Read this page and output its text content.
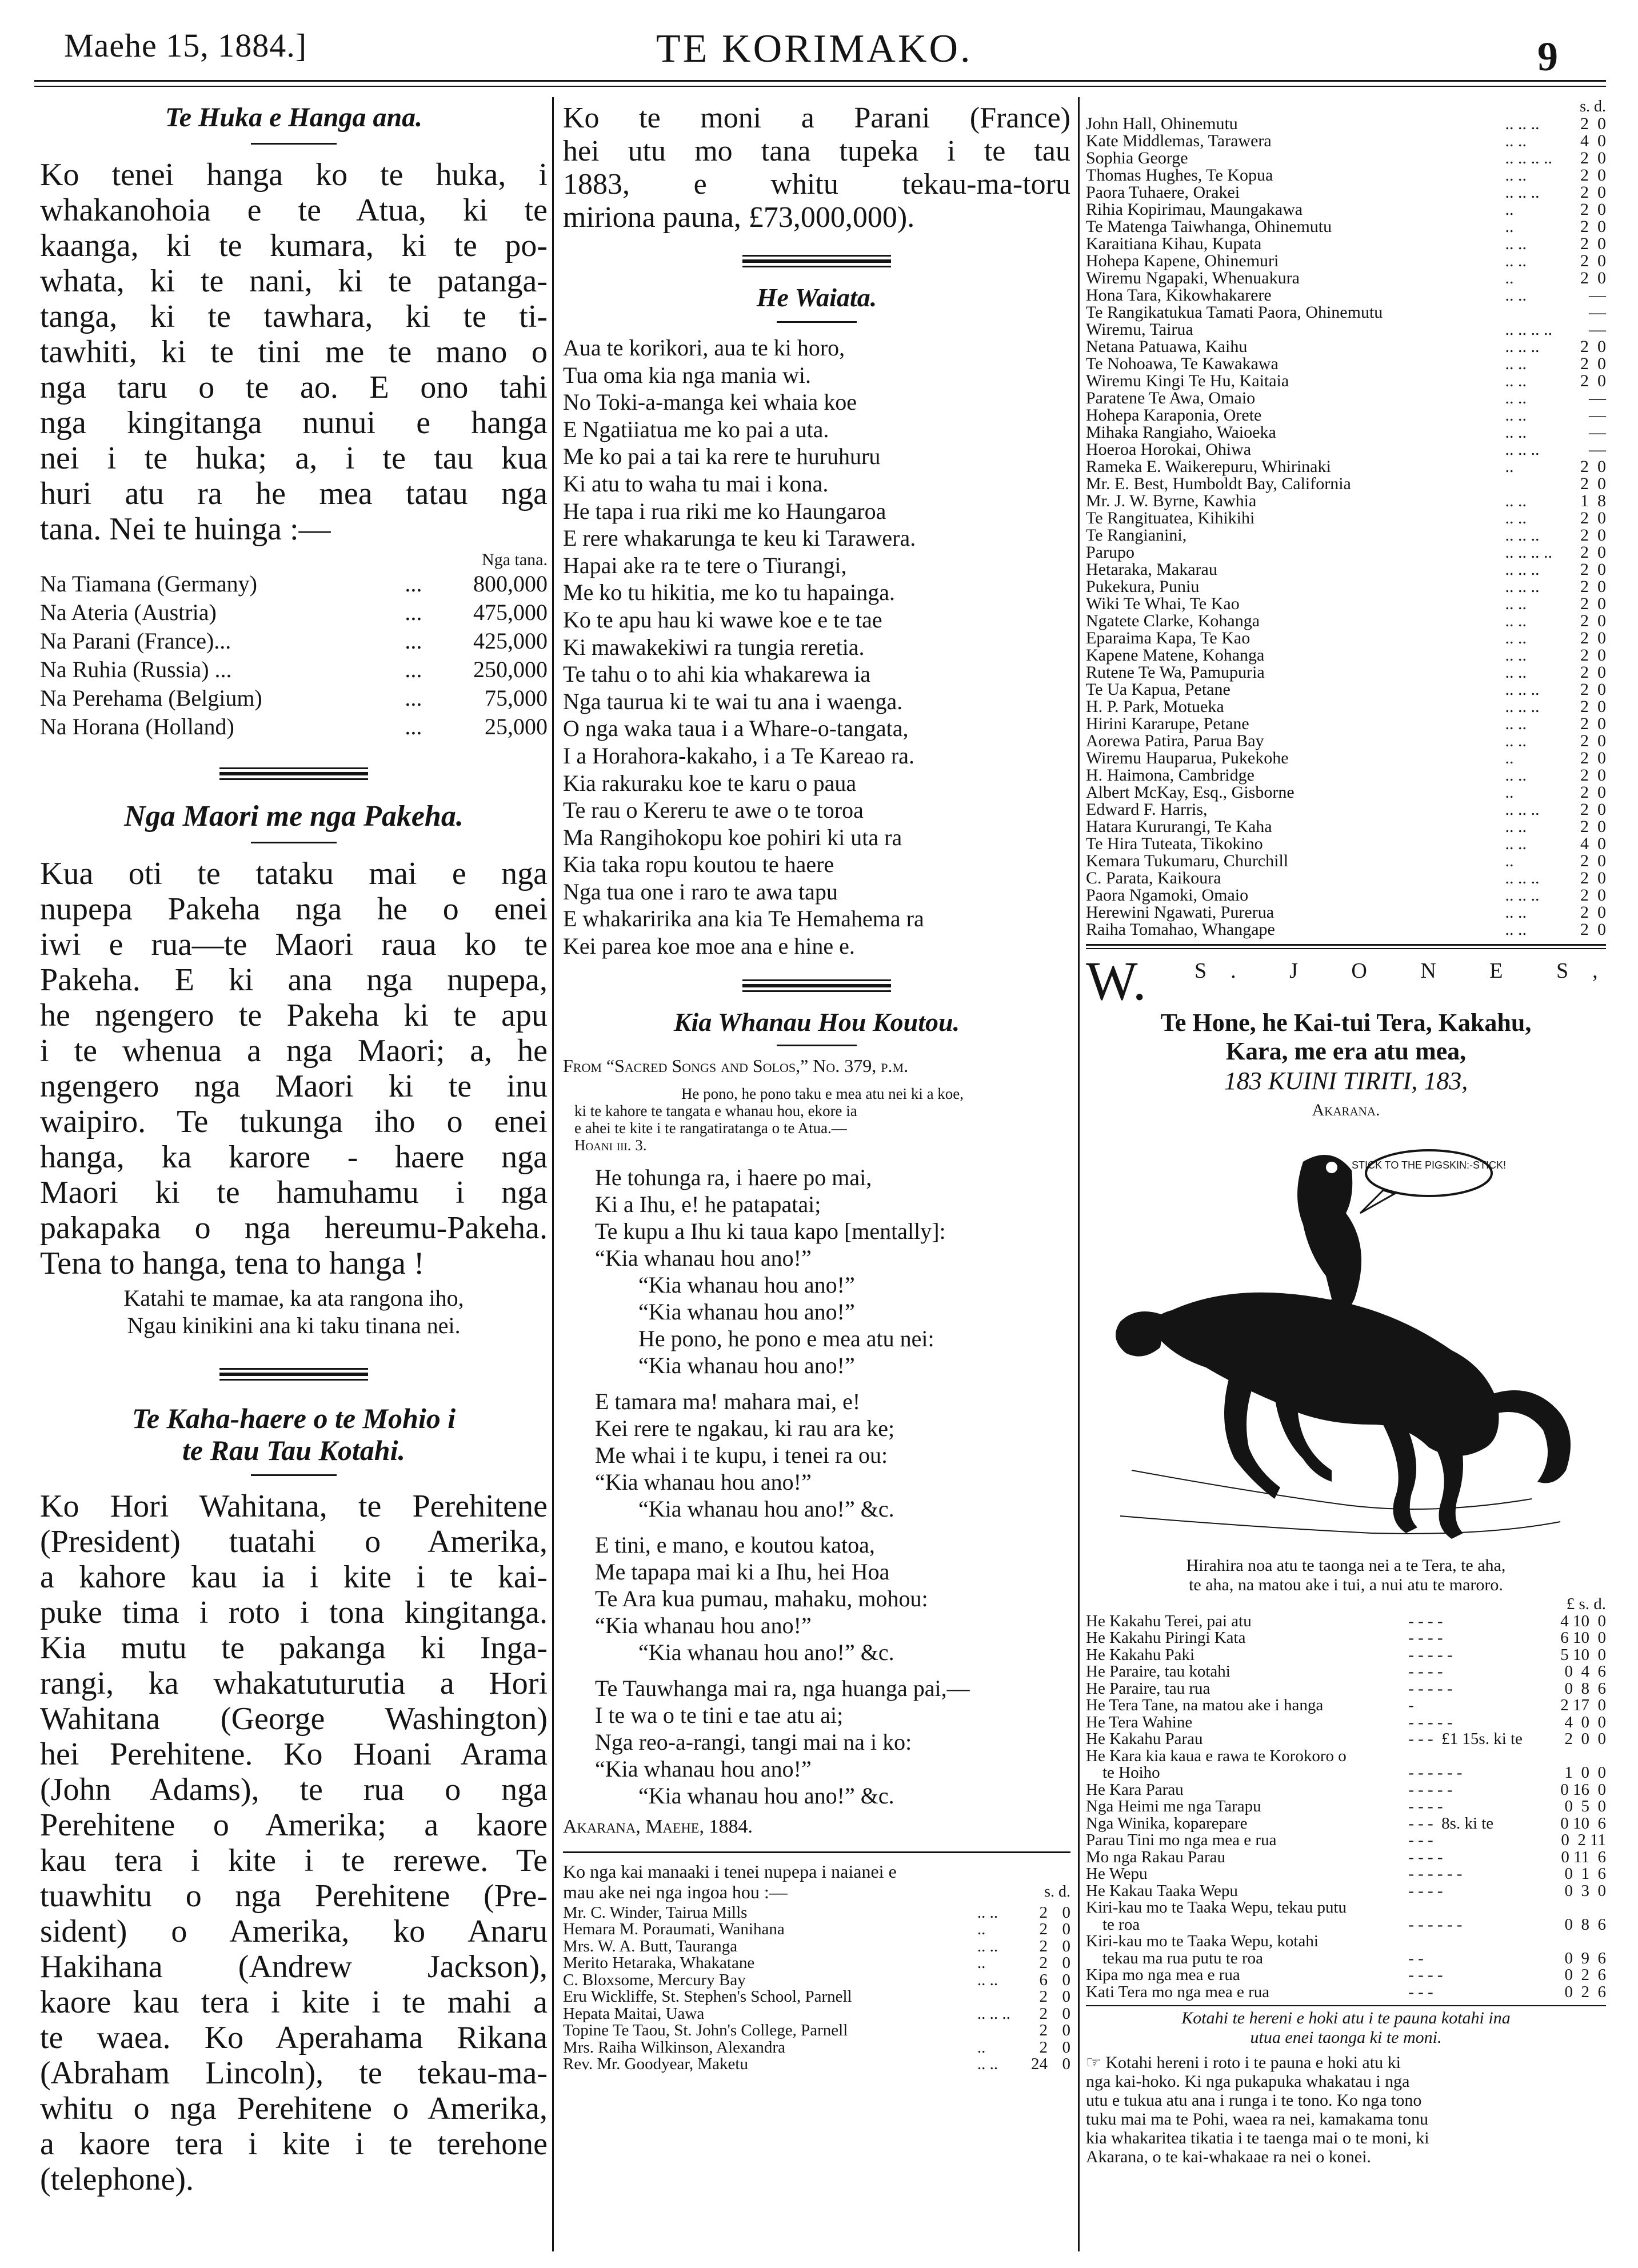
Maehe 15, 1884.]	TE KORIMAKO.	9
Te Huka e Hanga ana.
Ko tenei hanga ko te huka, i
whakanohoia e te Atua, ki te
kaanga, ki te kumara, ki te po-
whata, ki te nani, ki te patanga-
tanga, ki te tawhara, ki te ti-
tawhiti, ki te tini me te mano o
nga taru o te ao. E ono tahi
nga kingitanga nunui e hanga
nei i te huka; a, i te tau kua
huri atu ra he mea tatau nga
tana. Nei te huinga :—
		Nga tana.
Na Tiamana (Germany)	...	800,000
Na Ateria (Austria)	...	475,000
Na Parani (France)...	...	425,000
Na Ruhia (Russia) ...	...	250,000
Na Perehama (Belgium)	...	75,000
Na Horana (Holland)	...	25,000
Nga Maori me nga Pakeha.
Kua oti te tataku mai e nga
nupepa Pakeha nga he o enei
iwi e rua—te Maori raua ko te
Pakeha. E ki ana nga nupepa,
he ngengero te Pakeha ki te apu
i te whenua a nga Maori; a, he
ngengero nga Maori ki te inu
waipiro. Te tukunga iho o enei
hanga, ka karore - haere nga
Maori ki te hamuhamu i nga
pakapaka o nga hereumu-Pakeha.
Tena to hanga, tena to hanga !
Katahi te mamae, ka ata rangona iho,
Ngau kinikini ana ki taku tinana nei.
Te Kaha-haere o te Mohio i
te Rau Tau Kotahi.
Ko Hori Wahitana, te Perehitene
(President) tuatahi o Amerika,
a kahore kau ia i kite i te kai-
puke tima i roto i tona kingitanga.
Kia mutu te pakanga ki Inga-
rangi, ka whakatuturutia a Hori
Wahitana (George Washington)
hei Perehitene. Ko Hoani Arama
(John Adams), te rua o nga
Perehitene o Amerika; a kaore
kau tera i kite i te rerewe. Te
tuawhitu o nga Perehitene (Pre-
sident) o Amerika, ko Anaru
Hakihana (Andrew Jackson),
kaore kau tera i kite i te mahi a
te waea. Ko Aperahama Rikana
(Abraham Lincoln), te tekau-ma-
whitu o nga Perehitene o Amerika,
a kaore tera i kite i te terehone
(telephone).
Ko te moni a Parani (France)
hei utu mo tana tupeka i te tau
1883, e whitu tekau-ma-toru
miriona pauna, £73,000,000).
He Waiata.
Aua te korikori, aua te ki horo,
Tua oma kia nga mania wi.
No Toki-a-manga kei whaia koe
E Ngatiiatua me ko pai a uta.
Me ko pai a tai ka rere te huruhuru
Ki atu to waha tu mai i kona.
He tapa i rua riki me ko Haungaroa
E rere whakarunga te keu ki Tarawera.
Hapai ake ra te tere o Tiurangi,
Me ko tu hikitia, me ko tu hapainga.
Ko te apu hau ki wawe koe e te tae
Ki mawakekiwi ra tungia reretia.
Te tahu o to ahi kia whakarewa ia
Nga taurua ki te wai tu ana i waenga.
O nga waka taua i a Whare-o-tangata,
I a Horahora-kakaho, i a Te Kareao ra.
Kia rakuraku koe te karu o paua
Te rau o Kereru te awe o te toroa
Ma Rangihokopu koe pohiri ki uta ra
Kia taka ropu koutou te haere
Nga tua one i raro te awa tapu
E whakaririka ana kia Te Hemahema ra
Kei parea koe moe ana e hine e.
Kia Whanau Hou Koutou.
From “Sacred Songs and Solos,” No. 379, p.m.
He pono, he pono taku e mea atu nei ki a koe,
ki te kahore te tangata e whanau hou, ekore ia
e ahei te kite i te rangatiratanga o te Atua.—
Hoani iii. 3.
He tohunga ra, i haere po mai,
Ki a Ihu, e! he patapatai;
Te kupu a Ihu ki taua kapo [mentally]:
“Kia whanau hou ano!”
“Kia whanau hou ano!”
“Kia whanau hou ano!”
He pono, he pono e mea atu nei:
“Kia whanau hou ano!”
E tamara ma! mahara mai, e!
Kei rere te ngakau, ki rau ara ke;
Me whai i te kupu, i tenei ra ou:
“Kia whanau hou ano!”
“Kia whanau hou ano!” &c.
E tini, e mano, e koutou katoa,
Me tapapa mai ki a Ihu, hei Hoa
Te Ara kua pumau, mahaku, mohou:
“Kia whanau hou ano!”
“Kia whanau hou ano!” &c.
Te Tauwhanga mai ra, nga huanga pai,—
I te wa o te tini e tae atu ai;
Nga reo-a-rangi, tangi mai na i ko:
“Kia whanau hou ano!”
“Kia whanau hou ano!” &c.
Akarana, Maehe, 1884.
Ko nga kai manaaki i tenei nupepa i naianei e
mau ake nei nga ingoa hou :—	s. d.
Mr. C. Winder, Tairua Mills	.. ..	2	0
Hemara M. Poraumati, Wanihana	..	2	0
Mrs. W. A. Butt, Tauranga	.. ..	2	0
Merito Hetaraka, Whakatane	..	2	0
C. Bloxsome, Mercury Bay	.. ..	6	0
Eru Wickliffe, St. Stephen's School, Parnell		2	0
Hepata Maitai, Uawa	.. .. ..	2	0
Topine Te Taou, St. John's College, Parnell		2	0
Mrs. Raiha Wilkinson, Alexandra	..	2	0
Rev. Mr. Goodyear, Maketu	.. ..	24	0
		s. d.	
John Hall, Ohinemutu	.. .. ..	2	0
Kate Middlemas, Tarawera	.. ..	4	0
Sophia George	.. .. .. ..	2	0
Thomas Hughes, Te Kopua	.. ..	2	0
Paora Tuhaere, Orakei	.. .. ..	2	0
Rihia Kopirimau, Maungakawa	..	2	0
Te Matenga Taiwhanga, Ohinemutu	..	2	0
Karaitiana Kihau, Kupata	.. ..	2	0
Hohepa Kapene, Ohinemuri	.. ..	2	0
Wiremu Ngapaki, Whenuakura	..	2	0
Hona Tara, Kikowhakarere	.. ..		—
Te Rangikatukua Tamati Paora, Ohinemutu			—
Wiremu, Tairua	.. .. .. ..		—
Netana Patuawa, Kaihu	.. .. ..	2	0
Te Nohoawa, Te Kawakawa	.. ..	2	0
Wiremu Kingi Te Hu, Kaitaia	.. ..	2	0
Paratene Te Awa, Omaio	.. ..		—
Hohepa Karaponia, Orete	.. ..		—
Mihaka Rangiaho, Waioeka	.. ..		—
Hoeroa Horokai, Ohiwa	.. .. ..		—
Rameka E. Waikerepuru, Whirinaki	..	2	0
Mr. E. Best, Humboldt Bay, California		2	0
Mr. J. W. Byrne, Kawhia	.. ..	1	8
Te Rangituatea, Kihikihi	.. ..	2	0
Te Rangianini,	.. .. ..	2	0
Parupo	.. .. .. ..	2	0
Hetaraka, Makarau	.. .. ..	2	0
Pukekura, Puniu	.. .. ..	2	0
Wiki Te Whai, Te Kao	.. ..	2	0
Ngatete Clarke, Kohanga	.. ..	2	0
Eparaima Kapa, Te Kao	.. ..	2	0
Kapene Matene, Kohanga	.. ..	2	0
Rutene Te Wa, Pamupuria	.. ..	2	0
Te Ua Kapua, Petane	.. .. ..	2	0
H. P. Park, Motueka	.. .. ..	2	0
Hirini Kararupe, Petane	.. ..	2	0
Aorewa Patira, Parua Bay	.. ..	2	0
Wiremu Hauparua, Pukekohe	..	2	0
H. Haimona, Cambridge	.. ..	2	0
Albert McKay, Esq., Gisborne	..	2	0
Edward F. Harris,	.. .. ..	2	0
Hatara Kururangi, Te Kaha	.. ..	2	0
Te Hira Tuteata, Tikokino	.. ..	4	0
Kemara Tukumaru, Churchill	..	2	0
C. Parata, Kaikoura	.. .. ..	2	0
Paora Ngamoki, Omaio	.. .. ..	2	0
Herewini Ngawati, Purerua	.. ..	2	0
Raiha Tomahao, Whangape	.. ..	2	0
W. S. J O N E S,
Te Hone, he Kai-tui Tera, Kakahu,
Kara, me era atu mea,
183 KUINI TIRITI, 183,
Akarana.
STICK TO THE PIGSKIN:-STICK!
Hirahira noa atu te taonga nei a te Tera, te aha,
te aha, na matou ake i tui, a nui atu te maroro.
		£ s. d.
He Kakahu Terei, pai atu	- - - -	4 10  0
He Kakahu Piringi Kata	- - - -	6 10  0
He Kakahu Paki	- - - - -	5 10  0
He Paraire, tau kotahi	- - - -	0  4  6
He Paraire, tau rua	- - - - -	0  8  6
He Tera Tane, na matou ake i hanga	-	2 17  0
He Tera Wahine	- - - - -	4  0  0
He Kakahu Parau	- - -  £1 15s. ki te	2  0  0
He Kara kia kaua e rawa te Korokoro o		
te Hoiho	- - - - - -	1  0  0
He Kara Parau	- - - - -	0 16  0
Nga Heimi me nga Tarapu	- - - -	0  5  0
Nga Winika, koparepare	- - -  8s. ki te	0 10  6
Parau Tini mo nga mea e rua	- - -	0  2 11
Mo nga Rakau Parau	- - - -	0 11  6
He Wepu	- - - - - -	0  1  6
He Kakau Taaka Wepu	- - - -	0  3  0
Kiri-kau mo te Taaka Wepu, tekau putu		
te roa	- - - - - -	0  8  6
Kiri-kau mo te Taaka Wepu, kotahi		
tekau ma rua putu te roa	- -	0  9  6
Kipa mo nga mea e rua	- - - -	0  2  6
Kati Tera mo nga mea e rua	- - -	0  2  6
Kotahi te hereni e hoki atu i te pauna kotahi ina
utua enei taonga ki te moni.
☞ Kotahi hereni i roto i te pauna e hoki atu ki
nga kai-hoko. Ki nga pukapuka whakatau i nga
utu e tukua atu ana i runga i te tono. Ko nga tono
tuku mai ma te Pohi, waea ra nei, kamakama tonu
kia whakaritea tikatia i te taenga mai o te moni, ki
Akarana, o te kai-whakaae ra nei o konei.
